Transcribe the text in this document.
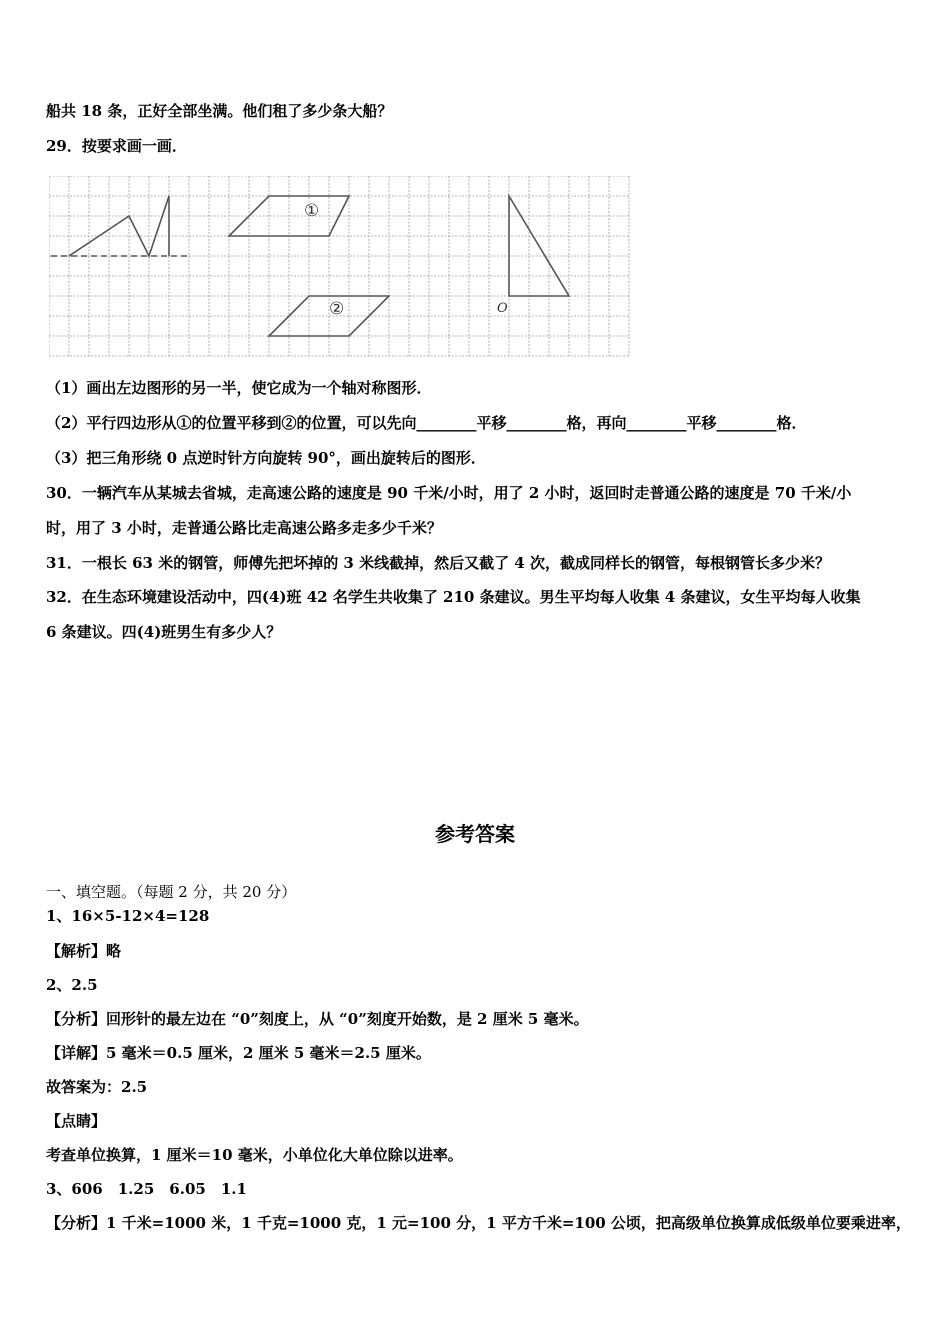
船共 18 条，正好全部坐满。他们租了多少条大船？
29．按要求画一画．
①
②	O
（1）画出左边图形的另一半，使它成为一个轴对称图形．
（2）平行四边形从①的位置平移到②的位置，可以先向________平移________格，再向________平移________格．
（3）把三角形绕 0 点逆时针方向旋转 90°，画出旋转后的图形．
30．一辆汽车从某城去省城，走高速公路的速度是 90 千米/小时，用了 2 小时，返回时走普通公路的速度是 70 千米/小
时，用了 3 小时，走普通公路比走高速公路多走多少千米？
31．一根长 63 米的钢管，师傅先把坏掉的 3 米线截掉，然后又截了 4 次，截成同样长的钢管，每根钢管长多少米？
32．在生态环境建设活动中，四(4)班 42 名学生共收集了 210 条建议。男生平均每人收集 4 条建议，女生平均每人收集
6 条建议。四(4)班男生有多少人？
参考答案
一、填空题。（每题 2 分，共 20 分）
1、16×5-12×4=128
【解析】略
2、2.5
【分析】回形针的最左边在 “0”刻度上，从 “0”刻度开始数，是 2 厘米 5 毫米。
【详解】5 毫米＝0.5 厘米，2 厘米 5 毫米＝2.5 厘米。
故答案为：2.5
【点睛】
考查单位换算，1 厘米＝10 毫米，小单位化大单位除以进率。
3、606　1.25　6.05　1.1
【分析】1 千米=1000 米，1 千克=1000 克，1 元=100 分，1 平方千米=100 公顷，把高级单位换算成低级单位要乘进率，
